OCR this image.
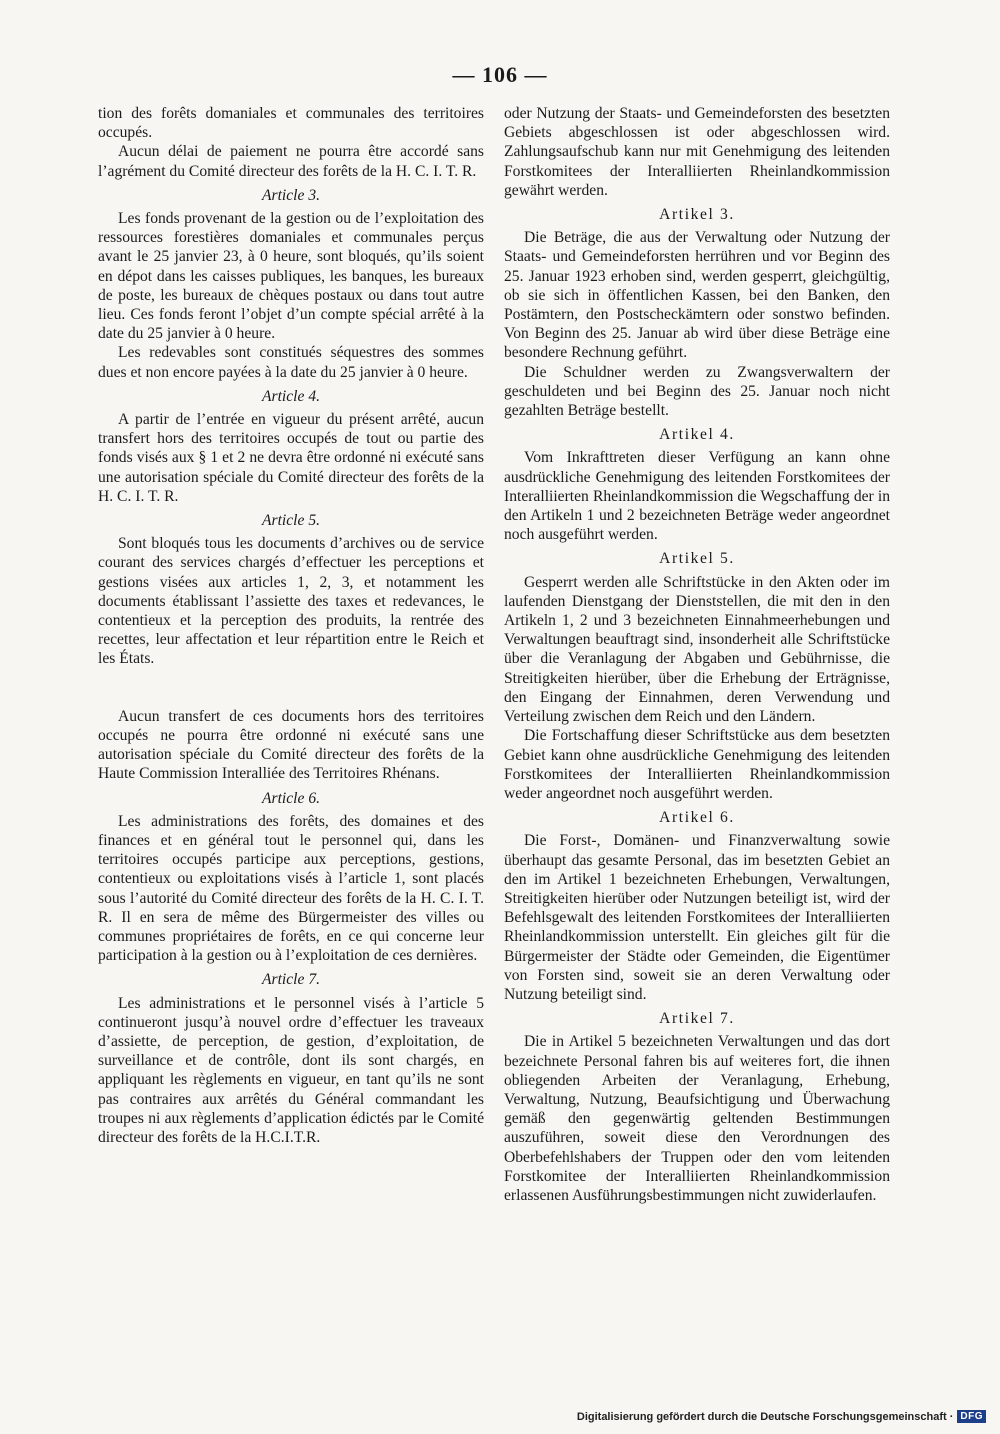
— 106 —

tion des forêts domaniales et communales des territoires occupés.

Aucun délai de paiement ne pourra être accordé sans l’agrément du Comité directeur des forêts de la H. C. I. T. R.

Article 3.

Les fonds provenant de la gestion ou de l’exploitation des ressources forestières domaniales et communales perçus avant le 25 janvier 23, à 0 heure, sont bloqués, qu’ils soient en dépot dans les caisses publiques, les banques, les bureaux de poste, les bureaux de chèques postaux ou dans tout autre lieu. Ces fonds feront l’objet d’un compte spécial arrêté à la date du 25 janvier à 0 heure.

Les redevables sont constitués séquestres des sommes dues et non encore payées à la date du 25 janvier à 0 heure.

Article 4.

A partir de l’entrée en vigueur du présent arrêté, aucun transfert hors des territoires occupés de tout ou partie des fonds visés aux § 1 et 2 ne devra être ordonné ni exécuté sans une autorisation spéciale du Comité directeur des forêts de la H. C. I. T. R.

Article 5.

Sont bloqués tous les documents d’archives ou de service courant des services chargés d’effectuer les perceptions et gestions visées aux articles 1, 2, 3, et notamment les documents établissant l’assiette des taxes et redevances, le contentieux et la perception des produits, la rentrée des recettes, leur affectation et leur répartition entre le Reich et les États.

Aucun transfert de ces documents hors des territoires occupés ne pourra être ordonné ni exécuté sans une autorisation spéciale du Comité directeur des forêts de la Haute Commission Interalliée des Territoires Rhénans.

Article 6.

Les administrations des forêts, des domaines et des finances et en général tout le personnel qui, dans les territoires occupés participe aux perceptions, gestions, contentieux ou exploitations visés à l’article 1, sont placés sous l’autorité du Comité directeur des forêts de la H. C. I. T. R. Il en sera de même des Bürgermeister des villes ou communes propriétaires de forêts, en ce qui concerne leur participation à la gestion ou à l’exploitation de ces dernières.

Article 7.

Les administrations et le personnel visés à l’article 5 continueront jusqu’à nouvel ordre d’effectuer les traveaux d’assiette, de perception, de gestion, d’exploitation, de surveillance et de contrôle, dont ils sont chargés, en appliquant les règlements en vigueur, en tant qu’ils ne sont pas contraires aux arrêtés du Général commandant les troupes ni aux règlements d’application édictés par le Comité directeur des forêts de la H.C.I.T.R.

oder Nutzung der Staats- und Gemeindeforsten des besetzten Gebiets abgeschlossen ist oder abgeschlossen wird. Zahlungsaufschub kann nur mit Genehmigung des leitenden Forstkomitees der Interalliierten Rheinlandkommission gewährt werden.

Artikel 3.

Die Beträge, die aus der Verwaltung oder Nutzung der Staats- und Gemeindeforsten herrühren und vor Beginn des 25. Januar 1923 erhoben sind, werden gesperrt, gleichgültig, ob sie sich in öffentlichen Kassen, bei den Banken, den Postämtern, den Postscheckämtern oder sonstwo befinden. Von Beginn des 25. Januar ab wird über diese Beträge eine besondere Rechnung geführt.

Die Schuldner werden zu Zwangsverwaltern der geschuldeten und bei Beginn des 25. Januar noch nicht gezahlten Beträge bestellt.

Artikel 4.

Vom Inkrafttreten dieser Verfügung an kann ohne ausdrückliche Genehmigung des leitenden Forstkomitees der Interalliierten Rheinlandkommission die Wegschaffung der in den Artikeln 1 und 2 bezeichneten Beträge weder angeordnet noch ausgeführt werden.

Artikel 5.

Gesperrt werden alle Schriftstücke in den Akten oder im laufenden Dienstgang der Dienststellen, die mit den in den Artikeln 1, 2 und 3 bezeichneten Einnahmeerhebungen und Verwaltungen beauftragt sind, insonderheit alle Schriftstücke über die Veranlagung der Abgaben und Gebührnisse, die Streitigkeiten hierüber, über die Erhebung der Erträgnisse, den Eingang der Einnahmen, deren Verwendung und Verteilung zwischen dem Reich und den Ländern.

Die Fortschaffung dieser Schriftstücke aus dem besetzten Gebiet kann ohne ausdrückliche Genehmigung des leitenden Forstkomitees der Interalliierten Rheinlandkommission weder angeordnet noch ausgeführt werden.

Artikel 6.

Die Forst-, Domänen- und Finanzverwaltung sowie überhaupt das gesamte Personal, das im besetzten Gebiet an den im Artikel 1 bezeichneten Erhebungen, Verwaltungen, Streitigkeiten hierüber oder Nutzungen beteiligt ist, wird der Befehlsgewalt des leitenden Forstkomitees der Interalliierten Rheinlandkommission unterstellt. Ein gleiches gilt für die Bürgermeister der Städte oder Gemeinden, die Eigentümer von Forsten sind, soweit sie an deren Verwaltung oder Nutzung beteiligt sind.

Artikel 7.

Die in Artikel 5 bezeichneten Verwaltungen und das dort bezeichnete Personal fahren bis auf weiteres fort, die ihnen obliegenden Arbeiten der Veranlagung, Erhebung, Verwaltung, Nutzung, Beaufsichtigung und Überwachung gemäß den gegenwärtig geltenden Bestimmungen auszuführen, soweit diese den Verordnungen des Oberbefehlshabers der Truppen oder den vom leitenden Forstkomitee der Interalliierten Rheinlandkommission erlassenen Ausführungsbestimmungen nicht zuwiderlaufen.

Digitalisierung gefördert durch die Deutsche Forschungsgemeinschaft · DFG
